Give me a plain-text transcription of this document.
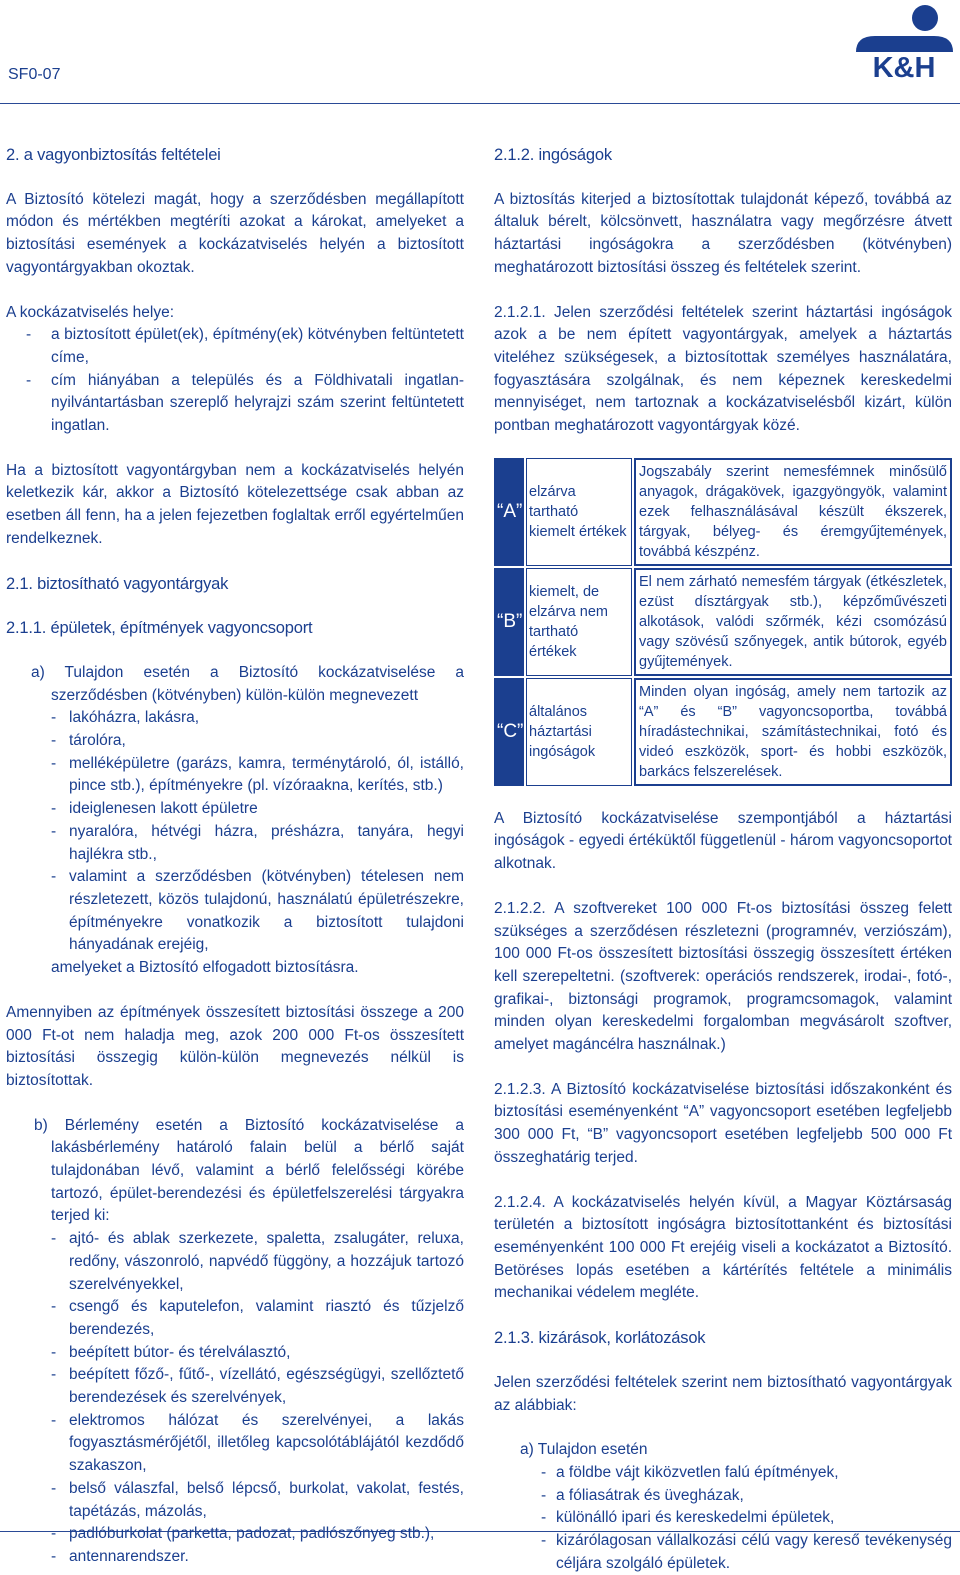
SF0-07	K&H

2. a vagyonbiztosítás feltételei

A Biztosító kötelezi magát, hogy a szerződésben megállapított módon és mértékben megtéríti azokat a károkat, amelyeket a biztosítási események a kockázatviselés helyén a biztosított vagyontárgyakban okoztak.

A kockázatviselés helye:

- a biztosított épület(ek), építmény(ek) kötvényben feltüntetett címe,
- cím hiányában a település és a Földhivatali ingatlan-nyilvántartásban szereplő helyrajzi szám szerint feltüntetett ingatlan.

Ha a biztosított vagyontárgyban nem a kockázatviselés helyén keletkezik kár, akkor a Biztosító kötelezettsége csak abban az esetben áll fenn, ha a jelen fejezetben foglaltak erről egyértelműen rendelkeznek.

2.1. biztosítható vagyontárgyak

2.1.1. épületek, építmények vagyoncsoport

a) Tulajdon esetén a Biztosító kockázatviselése a szerződésben (kötvényben) külön-külön megnevezett

- lakóházra, lakásra,
- tárolóra,
- melléképületre (garázs, kamra, terménytároló, ól, istálló, pince stb.), építményekre (pl. vízóraakna, kerítés, stb.)
- ideiglenesen lakott épületre
- nyaralóra, hétvégi házra, présházra, tanyára, hegyi hajlékra stb.,
- valamint a szerződésben (kötvényben) tételesen nem részletezett, közös tulajdonú, használatú épületrészekre, építményekre vonatkozik a biztosított tulajdoni hányadának erejéig,

amelyeket a Biztosító elfogadott biztosításra.

Amennyiben az építmények összesített biztosítási összege a 200 000 Ft-ot nem haladja meg, azok 200 000 Ft-os összesített biztosítási összegig külön-külön megnevezés nélkül is biztosítottak.

b) Bérlemény esetén a Biztosító kockázatviselése a lakásbérlemény határoló falain belül a bérlő saját tulajdonában lévő, valamint a bérlő felelősségi körébe tartozó, épület-berendezési és épületfelszerelési tárgyakra terjed ki:

- ajtó- és ablak szerkezete, spaletta, zsalugáter, reluxa, redőny, vászonroló, napvédő függöny, a hozzájuk tartozó szerelvényekkel,
- csengő és kaputelefon, valamint riasztó és tűzjelző berendezés,
- beépített bútor- és térelválasztó,
- beépített főző-, fűtő-, vízellátó, egészségügyi, szellőztető berendezések és szerelvények,
- elektromos hálózat és szerelvényei, a lakás fogyasztásmérőjétől, illetőleg kapcsolótáblájától kezdődő szakaszon,
- belső válaszfal, belső lépcső, burkolat, vakolat, festés, tapétázás, mázolás,
- padlóburkolat (parketta, padozat, padlószőnyeg stb.),
- antennarendszer.

2.1.2. ingóságok

A biztosítás kiterjed a biztosítottak tulajdonát képező, továbbá az általuk bérelt, kölcsönvett, használatra vagy megőrzésre átvett háztartási ingóságokra a szerződésben (kötvényben) meghatározott biztosítási összeg és feltételek szerint.

2.1.2.1. Jelen szerződési feltételek szerint háztartási ingóságok azok a be nem épített vagyontárgyak, amelyek a háztartás viteléhez szükségesek, a biztosítottak személyes használatára, fogyasztására szolgálnak, és nem képeznek kereskedelmi mennyiséget, nem tartoznak a kockázatviselésből kizárt, külön pontban meghatározott vagyontárgyak közé.

“A”	elzárva tartható kiemelt értékek	Jogszabály szerint nemesfémnek minősülő anyagok, drágakövek, igazgyöngyök, valamint ezek felhasználásával készült ékszerek, tárgyak, bélyeg- és éremgyűjtemények, továbbá készpénz.
“B”	kiemelt, de elzárva nem tartható értékek	El nem zárható nemesfém tárgyak (étkészletek, ezüst dísztárgyak stb.), képzőművészeti alkotások, valódi szőrmék, kézi csomózású vagy szövésű szőnyegek, antik bútorok, egyéb gyűjtemények.
“C”	általános háztartási ingóságok	Minden olyan ingóság, amely nem tartozik az “A” és “B” vagyoncsoportba, továbbá híradástechnikai, számítástechnikai, fotó és videó eszközök, sport- és hobbi eszközök, barkács felszerelések.

A Biztosító kockázatviselése szempontjából a háztartási ingóságok - egyedi értéküktől függetlenül - három vagyoncsoportot alkotnak.

2.1.2.2. A szoftvereket 100 000 Ft-os biztosítási összeg felett szükséges a szerződésen részletezni (programnév, verziószám), 100 000 Ft-os összesített biztosítási összegig összesített értéken kell szerepeltetni. (szoftverek: operációs rendszerek, irodai-, fotó-, grafikai-, biztonsági programok, programcsomagok, valamint minden olyan kereskedelmi forgalomban megvásárolt szoftver, amelyet magáncélra használnak.)

2.1.2.3. A Biztosító kockázatviselése biztosítási időszakonként és biztosítási eseményenként “A” vagyoncsoport esetében legfeljebb 300 000 Ft, “B” vagyoncsoport esetében legfeljebb 500 000 Ft összeghatárig terjed.

2.1.2.4. A kockázatviselés helyén kívül, a Magyar Köztársaság területén a biztosított ingóságra biztosítottanként és biztosítási eseményenként 100 000 Ft erejéig viseli a kockázatot a Biztosító. Betöréses lopás esetében a kártérítés feltétele a minimális mechanikai védelem megléte.

2.1.3. kizárások, korlátozások

Jelen szerződési feltételek szerint nem biztosítható vagyontárgyak az alábbiak:

a) Tulajdon esetén

- a földbe vájt kiközvetlen falú építmények,
- a fóliasátrak és üvegházak,
- különálló ipari és kereskedelmi épületek,
- kizárólagosan vállalkozási célú vagy kereső tevékenység céljára szolgáló épületek.
